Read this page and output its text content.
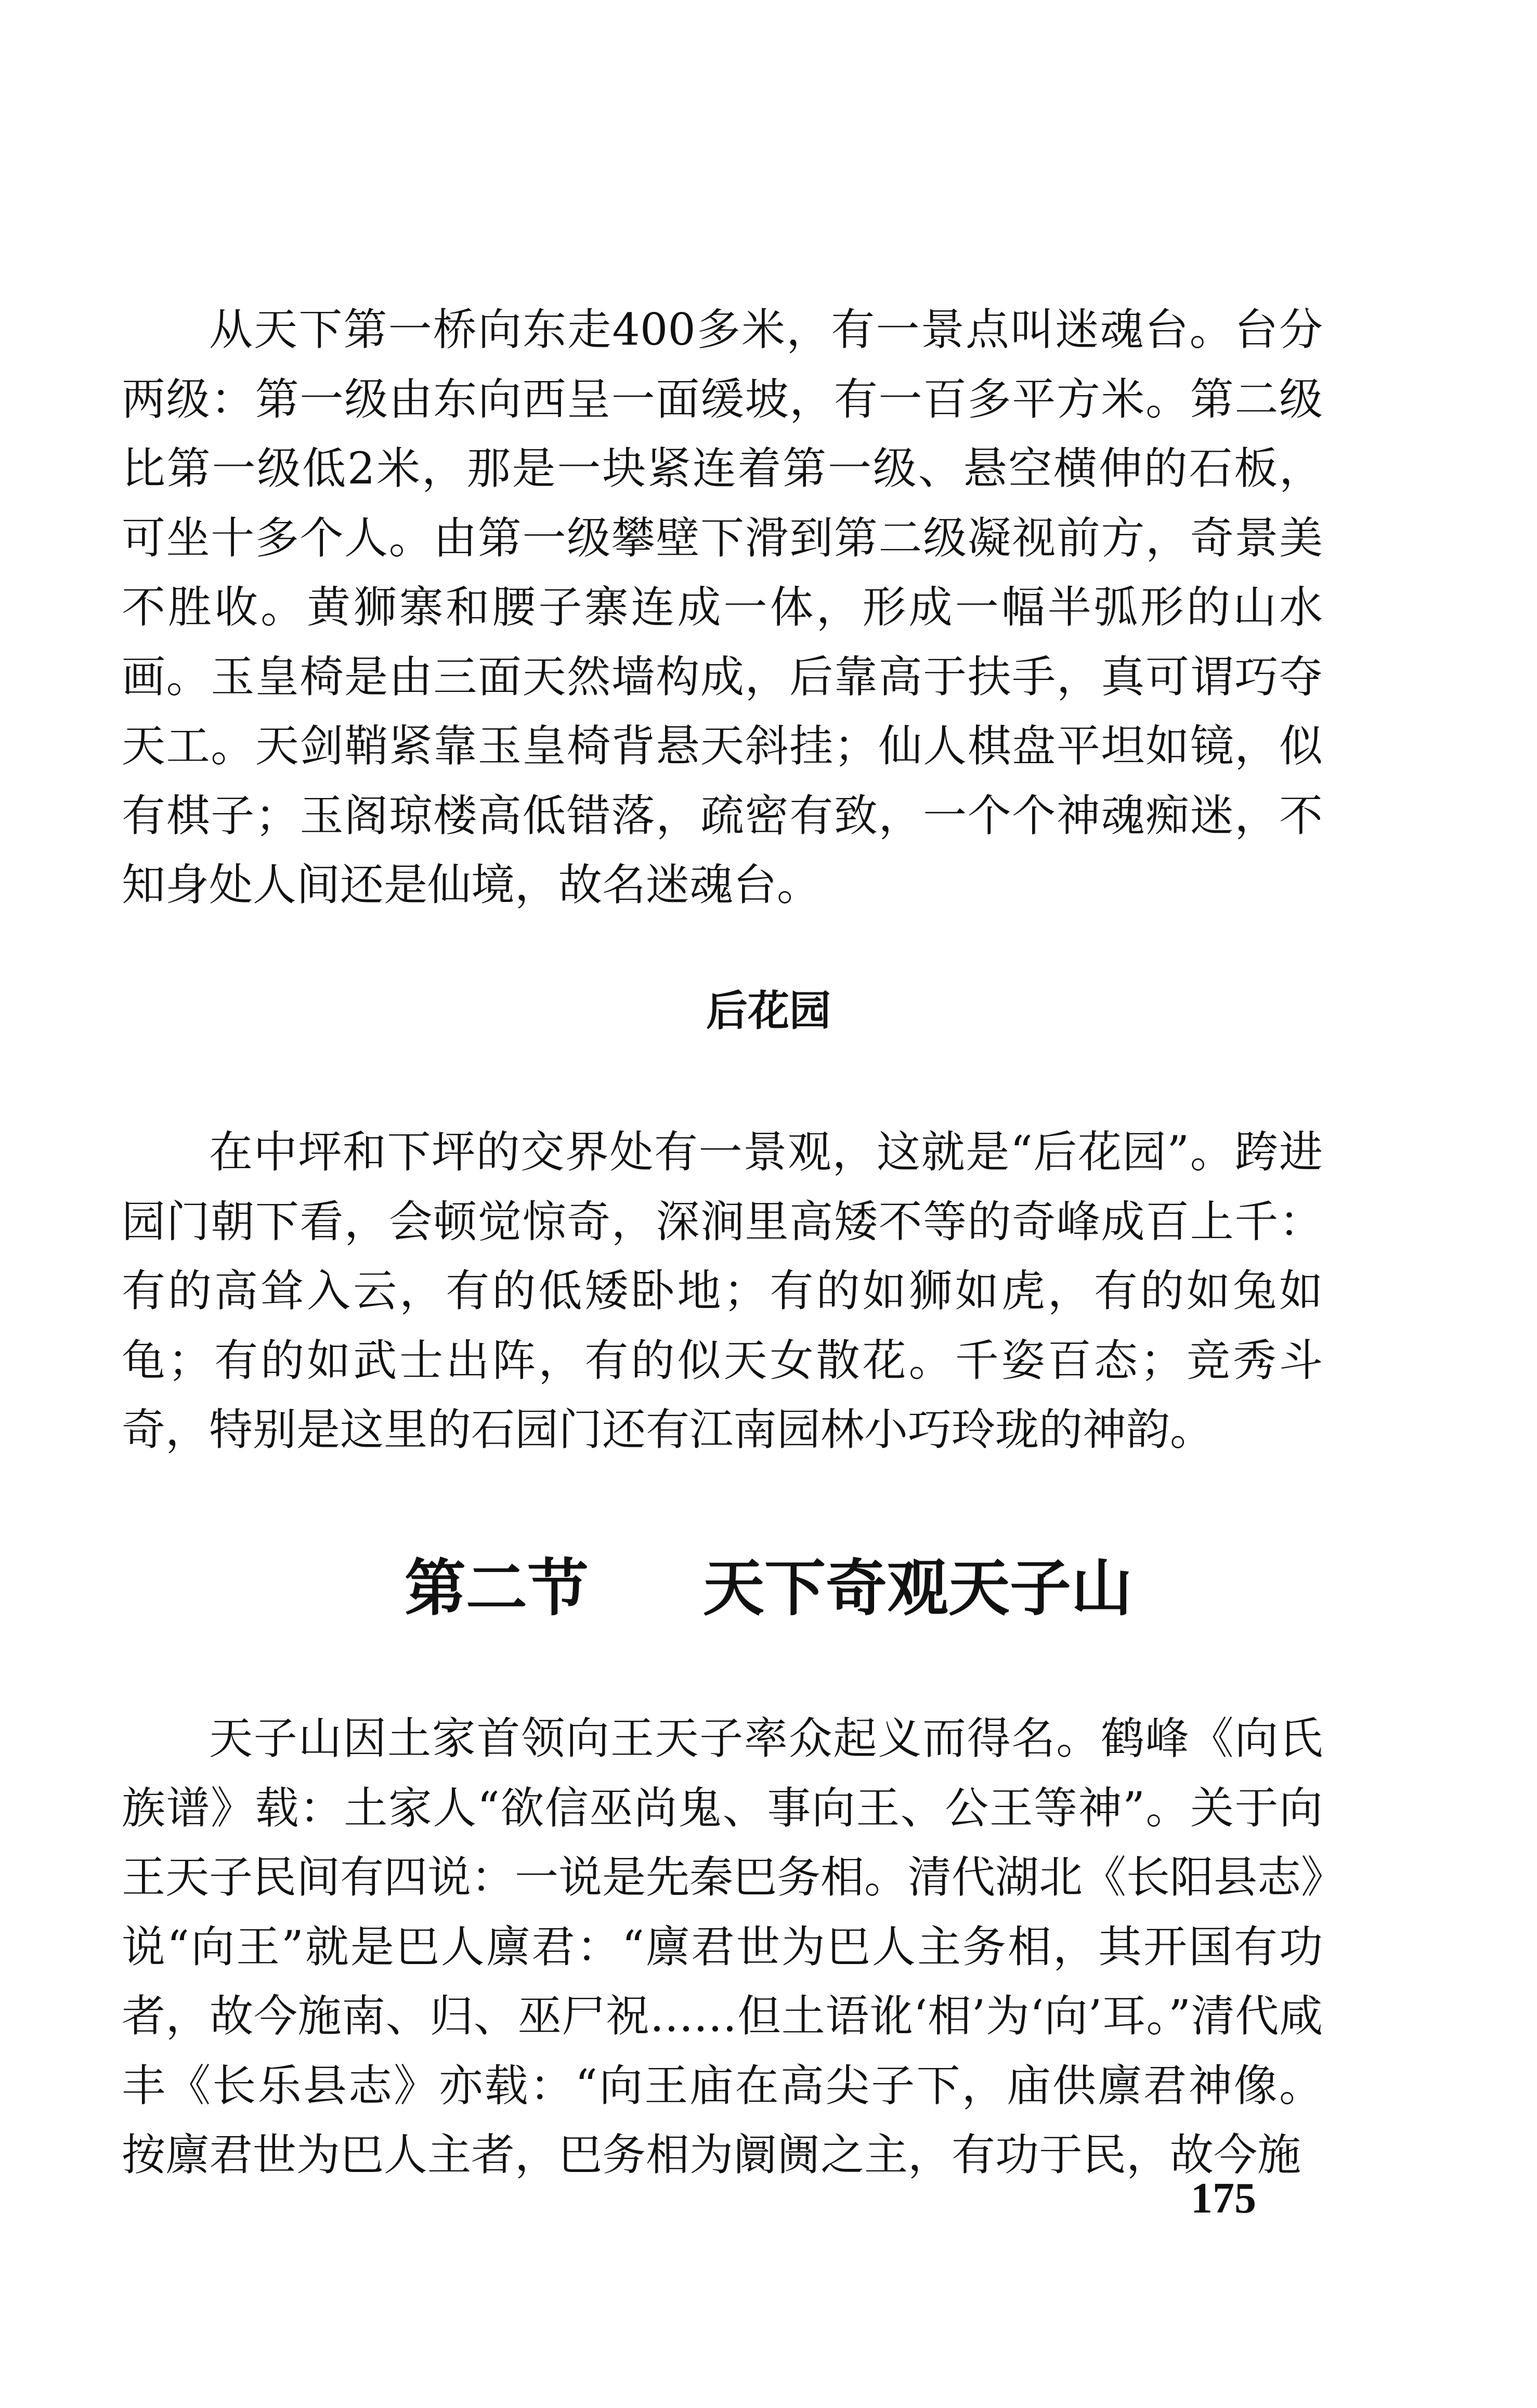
从天下第一桥向东走400多米，有一景点叫迷魂台。台分两级：第一级由东向西呈一面缓坡，有一百多平方米。第二级比第一级低2米，那是一块紧连着第一级、悬空横伸的石板，可坐十多个人。由第一级攀壁下滑到第二级凝视前方，奇景美不胜收。黄狮寨和腰子寨连成一体，形成一幅半弧形的山水画。玉皇椅是由三面天然墙构成，后靠高于扶手，真可谓巧夺天工。天剑鞘紧靠玉皇椅背悬天斜挂；仙人棋盘平坦如镜，似有棋子；玉阁琼楼高低错落，疏密有致，一个个神魂痴迷，不知身处人间还是仙境，故名迷魂台。

后花园

在中坪和下坪的交界处有一景观，这就是“后花园”。跨进园门朝下看，会顿觉惊奇，深涧里高矮不等的奇峰成百上千：有的高耸入云，有的低矮卧地；有的如狮如虎，有的如兔如龟；有的如武士出阵，有的似天女散花。千姿百态；竞秀斗奇，特别是这里的石园门还有江南园林小巧玲珑的神韵。

第二节 天下奇观天子山

天子山因土家首领向王天子率众起义而得名。鹤峰《向氏族谱》载：土家人“欲信巫尚鬼、事向王、公王等神”。关于向王天子民间有四说：一说是先秦巴务相。清代湖北《长阳县志》说“向王”就是巴人廪君：“廪君世为巴人主务相，其开国有功者，故今施南、归、巫尸祝……但土语讹‘相’为‘向’耳。”清代咸丰《长乐县志》亦载：“向王庙在高尖子下，庙供廪君神像。按廪君世为巴人主者，巴务相为阛阓之主，有功于民，故今施

175
